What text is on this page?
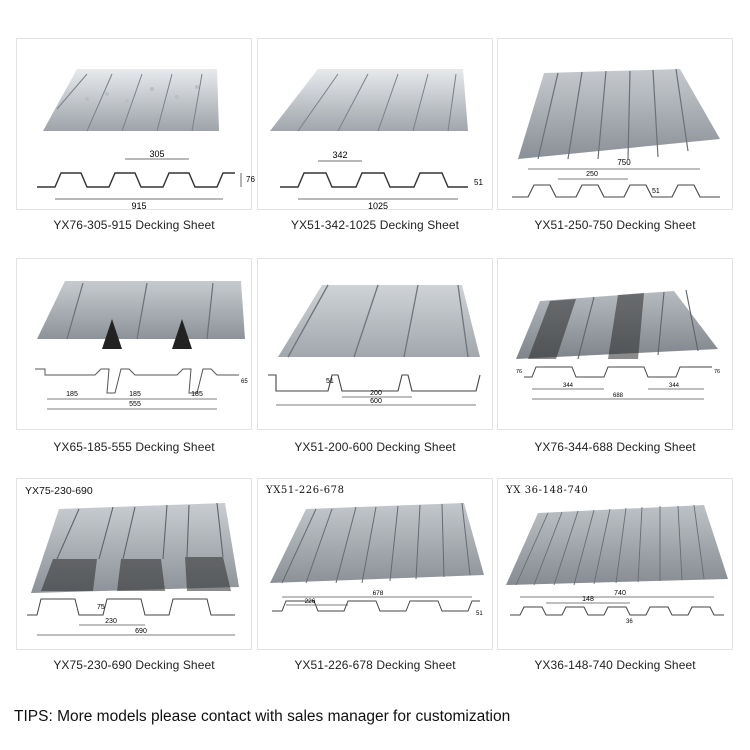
305
915
76
YX76-305-915 Decking Sheet
342
1025
51
YX51-342-1025 Decking Sheet
750
250
51
YX51-250-750 Decking Sheet
185	185	185
555
65
YX65-185-555 Decking Sheet
51
200
600
YX51-200-600 Decking Sheet
344	344
688
76	76
YX76-344-688 Decking Sheet
75
230
690
YX75-230-690
YX75-230-690 Decking Sheet
226
678
51
YX51-226-678
YX51-226-678 Decking Sheet
740
148
36
YX 36-148-740
YX36-148-740 Decking Sheet
TIPS: More models please contact with sales manager for customization
